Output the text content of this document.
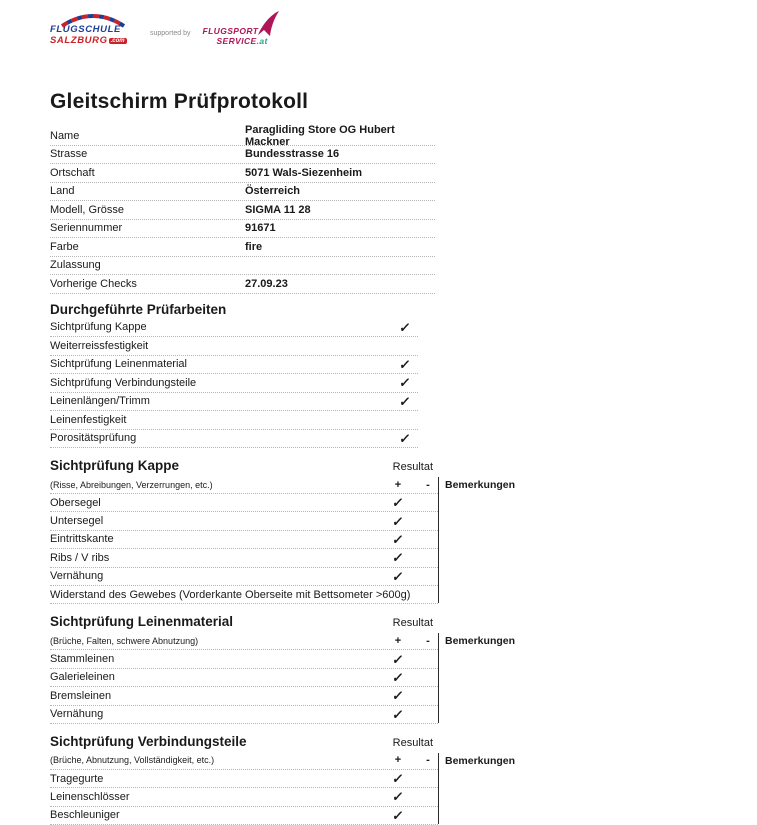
FLUGSCHULE
SALZBURG .com
supported by FLUGSPORT
SERVICE.at
Gleitschirm Prüfprotokoll
Name	Paragliding Store OG Hubert Mackner
Strasse	Bundesstrasse 16
Ortschaft	5071 Wals-Siezenheim
Land	Österreich
Modell, Grösse	SIGMA 11 28
Seriennummer	91671
Farbe	fire
Zulassung
Vorherige Checks	27.09.23
Durchgeführte Prüfarbeiten
Sichtprüfung Kappe	✓
Weiterreissfestigkeit
Sichtprüfung Leinenmaterial	✓
Sichtprüfung Verbindungsteile	✓
Leinenlängen/Trimm	✓
Leinenfestigkeit
Porositätsprüfung	✓
Sichtprüfung Kappe	Resultat
Bemerkungen
(Risse, Abreibungen, Verzerrungen, etc.)	+	-
Obersegel	✓
Untersegel	✓
Eintrittskante	✓
Ribs / V ribs	✓
Vernähung	✓
Widerstand des Gewebes (Vorderkante Oberseite mit Bettsometer >600g)
Sichtprüfung Leinenmaterial	Resultat
Bemerkungen
(Brüche, Falten, schwere Abnutzung)	+	-
Stammleinen	✓
Galerieleinen	✓
Bremsleinen	✓
Vernähung	✓
Sichtprüfung Verbindungsteile	Resultat
Bemerkungen
(Brüche, Abnutzung, Vollständigkeit, etc.)	+	-
Tragegurte	✓
Leinenschlösser	✓
Beschleuniger	✓
